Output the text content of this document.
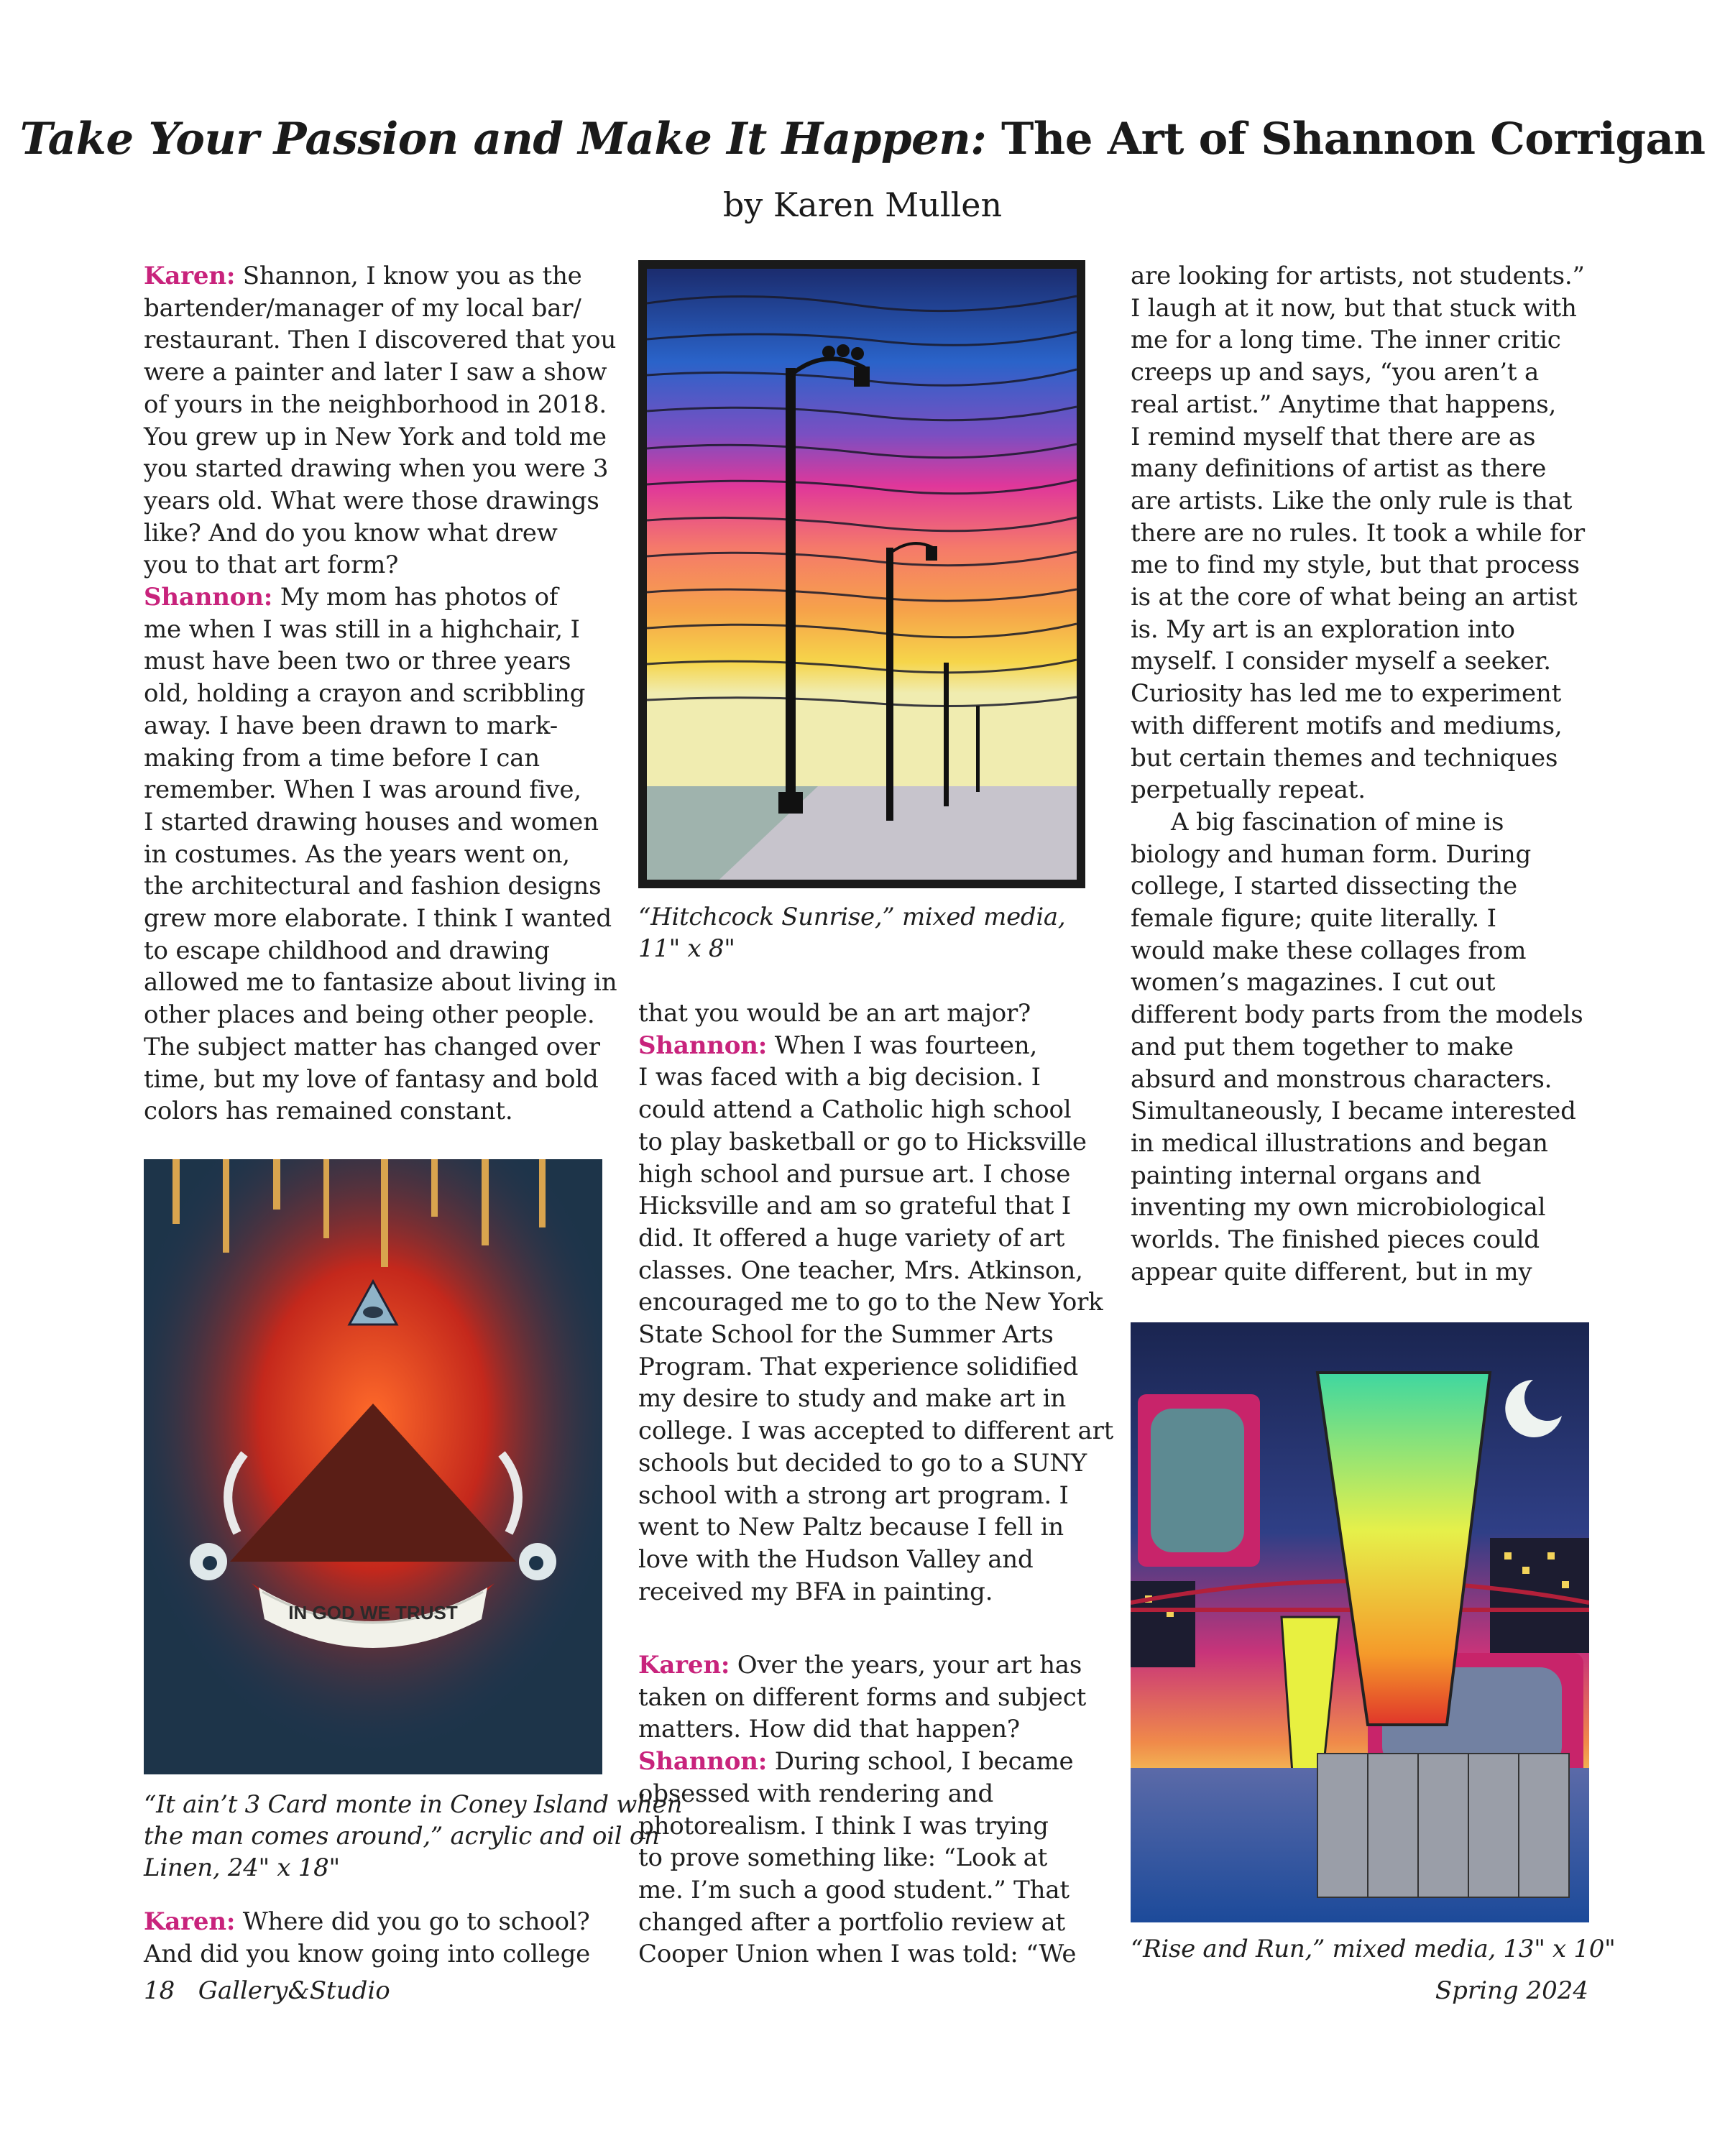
Take Your Passion and Make It Happen: The Art of Shannon Corrigan
by Karen Mullen

Karen: Shannon, I know you as the

bartender/manager of my local bar/

restaurant. Then I discovered that you

were a painter and later I saw a show

of yours in the neighborhood in 2018.

You grew up in New York and told me

you started drawing when you were 3

years old. What were those drawings

like? And do you know what drew

you to that art form?

Shannon: My mom has photos of

me when I was still in a highchair, I

must have been two or three years

old, holding a crayon and scribbling

away. I have been drawn to mark-

making from a time before I can

remember. When I was around five,

I started drawing houses and women

in costumes. As the years went on,

the architectural and fashion designs

grew more elaborate. I think I wanted

to escape childhood and drawing

allowed me to fantasize about living in

other places and being other people.

The subject matter has changed over

time, but my love of fantasy and bold

colors has remained constant.

IN GOD WE TRUST

“It ain’t 3 Card monte in Coney Island when

the man comes around,” acrylic and oil on

Linen, 24" x 18"

Karen: Where did you go to school?

And did you know going into college

“Hitchcock Sunrise,” mixed media,

11" x 8"

that you would be an art major?

Shannon: When I was fourteen,

I was faced with a big decision. I

could attend a Catholic high school

to play basketball or go to Hicksville

high school and pursue art. I chose

Hicksville and am so grateful that I

did. It offered a huge variety of art

classes. One teacher, Mrs. Atkinson,

encouraged me to go to the New York

State School for the Summer Arts

Program. That experience solidified

my desire to study and make art in

college. I was accepted to different art

schools but decided to go to a SUNY

school with a strong art program. I

went to New Paltz because I fell in

love with the Hudson Valley and

received my BFA in painting.

Karen: Over the years, your art has

taken on different forms and subject

matters. How did that happen?

Shannon: During school, I became

obsessed with rendering and

photorealism. I think I was trying

to prove something like: “Look at

me. I’m such a good student.” That

changed after a portfolio review at

Cooper Union when I was told: “We

are looking for artists, not students.”

I laugh at it now, but that stuck with

me for a long time. The inner critic

creeps up and says, “you aren’t a

real artist.” Anytime that happens,

I remind myself that there are as

many definitions of artist as there

are artists. Like the only rule is that

there are no rules. It took a while for

me to find my style, but that process

is at the core of what being an artist

is. My art is an exploration into

myself. I consider myself a seeker.

Curiosity has led me to experiment

with different motifs and mediums,

but certain themes and techniques

perpetually repeat.

A big fascination of mine is

biology and human form. During

college, I started dissecting the

female figure; quite literally. I

would make these collages from

women’s magazines. I cut out

different body parts from the models

and put them together to make

absurd and monstrous characters.

Simultaneously, I became interested

in medical illustrations and began

painting internal organs and

inventing my own microbiological

worlds. The finished pieces could

appear quite different, but in my

“Rise and Run,” mixed media, 13" x 10"

18 Gallery&Studio	Spring 2024
